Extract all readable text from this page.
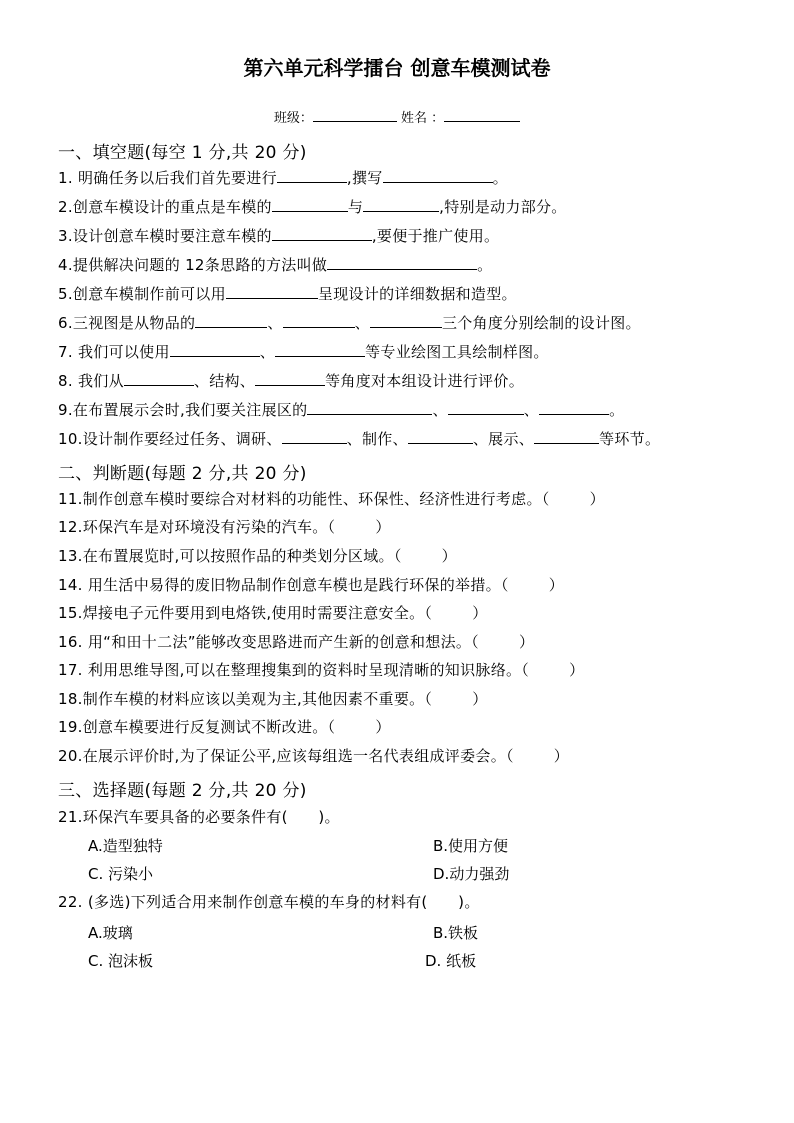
第六单元科学擂台 创意车模测试卷
班级：	姓名 ：
一、填空题(每空 1 分,共 20 分)
1. 明确任务以后我们首先要进行	,撰写	。
2.创意车模设计的重点是车模的	与	,特别是动力部分。
3.设计创意车模时要注意车模的	,要便于推广使用。
4.提供解决问题的 12条思路的方法叫做	。
5.创意车模制作前可以用	呈现设计的详细数据和造型。
6.三视图是从物品的	、	、	三个角度分别绘制的设计图。
7. 我们可以使用	、	等专业绘图工具绘制样图。
8. 我们从	、结构、	等角度对本组设计进行评价。
9.在布置展示会时,我们要关注展区的	、	、	。
10.设计制作要经过任务、调研、	、制作、	、展示、	等环节。
二、判断题(每题 2 分,共 20 分)
11.制作创意车模时要综合对材料的功能性、环保性、经济性进行考虑。（	）
12.环保汽车是对环境没有污染的汽车。（	）
13.在布置展览时,可以按照作品的种类划分区域。（	）
14. 用生活中易得的废旧物品制作创意车模也是践行环保的举措。（	）
15.焊接电子元件要用到电烙铁,使用时需要注意安全。（	）
16. 用“和田十二法”能够改变思路进而产生新的创意和想法。（	）
17. 利用思维导图,可以在整理搜集到的资料时呈现清晰的知识脉络。（	）
18.制作车模的材料应该以美观为主,其他因素不重要。（	）
19.创意车模要进行反复测试不断改进。（	）
20.在展示评价时,为了保证公平,应该每组选一名代表组成评委会。（	）
三、选择题(每题 2 分,共 20 分)
21.环保汽车要具备的必要条件有(　　)。
A.造型独特	B.使用方便
C. 污染小	D.动力强劲
22. (多选)下列适合用来制作创意车模的车身的材料有(　　)。
A.玻璃	B.铁板
C. 泡沫板	D. 纸板
